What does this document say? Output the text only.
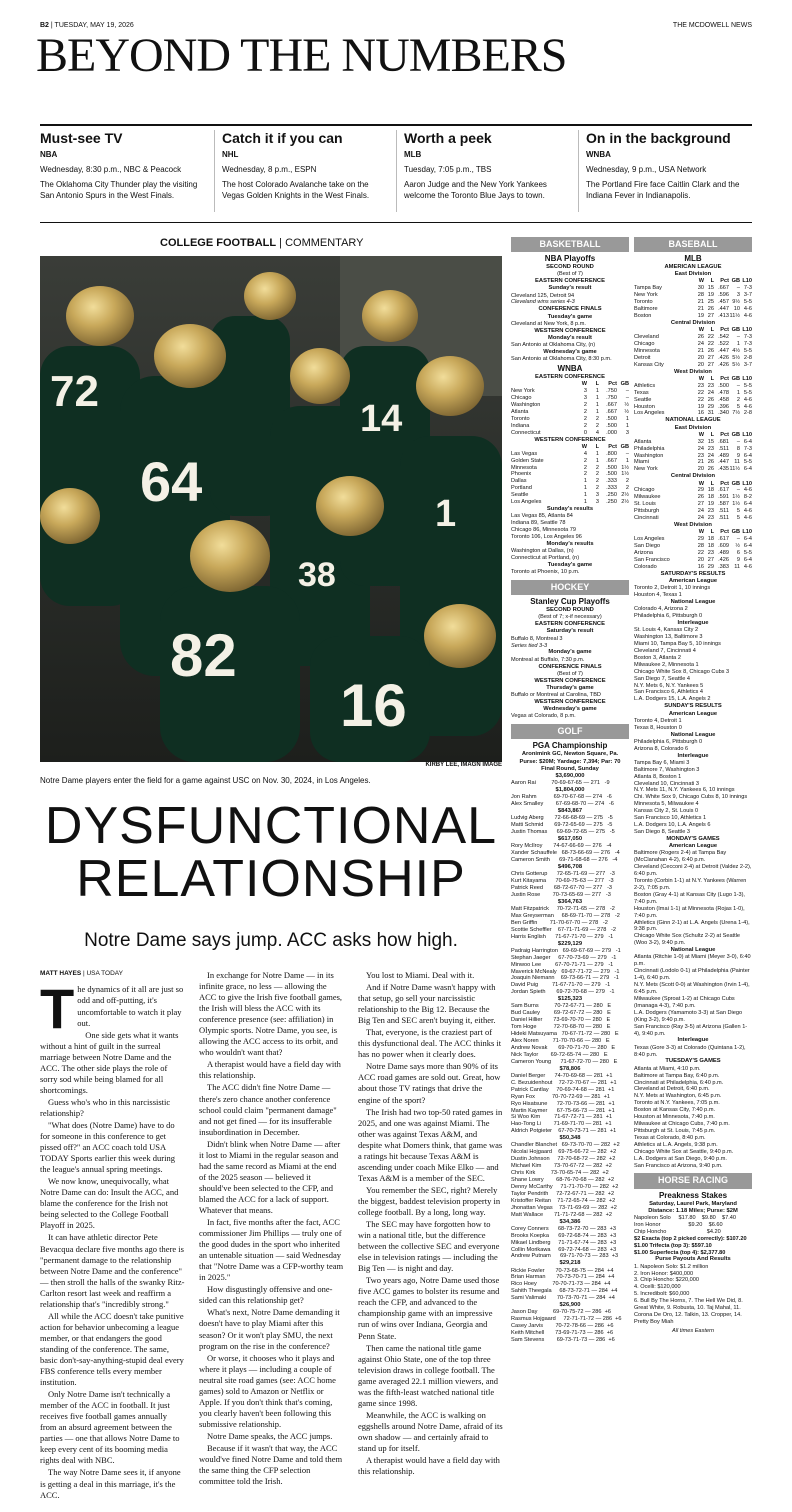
B2 | TUESDAY, MAY 19, 2026	THE MCDOWELL NEWS
BEYOND THE NUMBERS
Must-see TV
NBA

Wednesday, 8:30 p.m., NBC & Peacock

The Oklahoma City Thunder play the visiting San Antonio Spurs in the West Finals.

Catch it if you can
NHL

Wednesday, 8 p.m., ESPN

The host Colorado Avalanche take on the Vegas Golden Knights in the West Finals.

Worth a peek
MLB

Tuesday, 7:05 p.m., TBS

Aaron Judge and the New York Yankees welcome the Toronto Blue Jays to town.

On in the background
WNBA

Wednesday, 9 p.m., USA Network

The Portland Fire face Caitlin Clark and the Indiana Fever in Indianapolis.

COLLEGE FOOTBALL | COMMENTARY
72
64
82
14
1
38
16
KIRBY LEE, IMAGN IMAGE
Notre Dame players enter the field for a game against USC on Nov. 30, 2024, in Los Angeles.
DYSFUNCTIONAL
RELATIONSHIP
Notre Dame says jump. ACC asks how high.
MATT HAYES | USA TODAY
T he dynamics of it all are just so odd and off-putting, it's uncomfortable to watch it play out.

One side gets what it wants without a hint of guilt in the surreal marriage between Notre Dame and the ACC. The other side plays the role of sorry sod while being blamed for all shortcomings.

Guess who's who in this narcissistic relationship?

"What does (Notre Dame) have to do for someone in this conference to get pissed off?" an ACC coach told USA TODAY Sports earlier this week during the league's annual spring meetings.

We now know, unequivocally, what Notre Dame can do: Insult the ACC, and blame the conference for the Irish not being selected to the College Football Playoff in 2025.

It can have athletic director Pete Bevacqua declare five months ago there is "permanent damage to the relationship between Notre Dame and the conference" — then stroll the halls of the swanky Ritz-Carlton resort last week and reaffirm a relationship that's "incredibly strong."

All while the ACC doesn't take punitive action for behavior unbecoming a league member, or that endangers the good standing of the conference. The same, basic don't-say-anything-stupid deal every FBS conference tells every member institution.

Only Notre Dame isn't technically a member of the ACC in football. It just receives five football games annually from an absurd agreement between the parties — one that allows Notre Dame to keep every cent of its booming media rights deal with NBC.

The way Notre Dame sees it, if anyone is getting a deal in this marriage, it's the ACC.

In exchange for Notre Dame — in its infinite grace, no less — allowing the ACC to give the Irish five football games, the Irish will bless the ACC with its conference presence (see: affiliation) in Olympic sports. Notre Dame, you see, is allowing the ACC access to its orbit, and who wouldn't want that?

A therapist would have a field day with this relationship.

The ACC didn't fine Notre Dame — there's zero chance another conference school could claim "permanent damage" and not get fined — for its insufferable insubordination in December.

Didn't blink when Notre Dame — after it lost to Miami in the regular season and had the same record as Miami at the end of the 2025 season — believed it should've been selected to the CFP, and blamed the ACC for a lack of support. Whatever that means.

In fact, five months after the fact, ACC commissioner Jim Phillips — truly one of the good dudes in the sport who inherited an untenable situation — said Wednesday that "Notre Dame was a CFP-worthy team in 2025."

How disgustingly offensive and one-sided can this relationship get?

What's next, Notre Dame demanding it doesn't have to play Miami after this season? Or it won't play SMU, the next program on the rise in the conference?

Or worse, it chooses who it plays and where it plays — including a couple of neutral site road games (see: ACC home games) sold to Amazon or Netflix or Apple. If you don't think that's coming, you clearly haven't been following this submissive relationship.

Notre Dame speaks, the ACC jumps.

Because if it wasn't that way, the ACC would've fined Notre Dame and told them the same thing the CFP selection committee told the Irish.

You lost to Miami. Deal with it.

And if Notre Dame wasn't happy with that setup, go sell your narcissistic relationship to the Big 12. Because the Big Ten and SEC aren't buying it, either.

That, everyone, is the craziest part of this dysfunctional deal. The ACC thinks it has no power when it clearly does.

Notre Dame says more than 90% of its ACC road games are sold out. Great, how about those TV ratings that drive the engine of the sport?

The Irish had two top-50 rated games in 2025, and one was against Miami. The other was against Texas A&M, and despite what Domers think, that game was a ratings hit because Texas A&M is ascending under coach Mike Elko — and Texas A&M is a member of the SEC.

You remember the SEC, right? Merely the biggest, baddest television property in college football. By a long, long way.

The SEC may have forgotten how to win a national title, but the difference between the collective SEC and everyone else in television ratings — including the Big Ten — is night and day.

Two years ago, Notre Dame used those five ACC games to bolster its resume and reach the CFP, and advanced to the championship game with an impressive run of wins over Indiana, Georgia and Penn State.

Then came the national title game against Ohio State, one of the top three television draws in college football. The game averaged 22.1 million viewers, and was the fifth-least watched national title game since 1998.

Meanwhile, the ACC is walking on eggshells around Notre Dame, afraid of its own shadow — and certainly afraid to stand up for itself.

A therapist would have a field day with this relationship.

BASKETBALL
NBA Playoffs
SECOND ROUND
(Best of 7)
EASTERN CONFERENCE
Sunday's result
Cleveland 125, Detroit 94
Cleveland wins series 4-3
CONFERENCE FINALS
Tuesday's game
Cleveland at New York, 8 p.m.
WESTERN CONFERENCE
Monday's result
San Antonio at Oklahoma City, (n)
Wednesday's game
San Antonio at Oklahoma City, 8:30 p.m.
WNBA
EASTERN CONFERENCE
W	L	Pct GB
New York	3	1	.750	–
Chicago	3	1	.750	–
Washington	2	1	.667	½
Atlanta	2	1	.667	½
Toronto	2	2	.500	1
Indiana	2	2	.500	1
Connecticut	0	4	.000	3
WESTERN CONFERENCE
W	L	Pct GB
Las Vegas	4	1	.800	–
Golden State	2	1	.667	1
Minnesota	2	2	.500 1½
Phoenix	2	2	.500 1½
Dallas	1	2	.333	2
Portland	1	2	.333	2
Seattle	1	3	.250 2½
Los Angeles	1	3	.250 2½
Sunday's results
Las Vegas 85, Atlanta 84
Indiana 89, Seattle 78
Chicago 86, Minnesota 79
Toronto 106, Los Angeles 96
Monday's results
Washington at Dallas, (n)
Connecticut at Portland, (n)
Tuesday's game
Toronto at Phoenix, 10 p.m.
HOCKEY
Stanley Cup Playoffs
SECOND ROUND
(Best of 7; x-if necessary)
EASTERN CONFERENCE
Saturday's result
Buffalo 8, Montreal 3
Series tied 3-3
Monday's game
Montreal at Buffalo, 7:30 p.m.
CONFERENCE FINALS
(Best of 7)
WESTERN CONFERENCE
Thursday's game
Buffalo or Montreal at Carolina, TBD
WESTERN CONFERENCE
Wednesday's game
Vegas at Colorado, 8 p.m.
GOLF
PGA Championship
Aronimink GC, Newton Square, Pa.
Purse: $20M; Yardage: 7,394; Par: 70
Final Round, Sunday
$3,690,000
Aaron Rai          70-69-67-65 — 271   -9
$1,804,000
Jon Rahm           69-70-67-68 — 274   -6
Alex Smalley        67-69-68-70 — 274   -6
$843,867
Ludvig Aberg       72-66-68-69 — 275   -5
Matti Schmid       69-72-65-69 — 275   -5
Justin Thomas      69-69-72-65 — 275   -5
$617,050
Rory McIlroy       74-67-66-69 — 276   -4
Xander Schauffele   68-73-66-69 — 276   -4
Cameron Smith      69-71-68-68 — 276   -4
$496,708
Chris Gotterup      72-65-71-69 — 277   -3
Kurt Kitayama      70-69-75-63 — 277   -3
Patrick Reed       68-72-67-70 — 277   -3
Justin Rose        70-73-65-69 — 277   -3
$364,763
Matt Fitzpatrick     70-72-71-65 — 278   -2
Max Greyserman     68-69-71-70 — 278   -2
Ben Griffin        71-70-67-70 — 278   -2
Scottie Scheffler    67-71-71-69 — 278   -2
Harris English      71-67-71-70 — 279   -1
$229,129
Padraig Harrington   69-69-67-69 — 279   -1
Stephan Jaeger     67-70-73-69 — 279   -1
Minwoo Lee         67-70-71-71 — 279   -1
Maverick McNealy   69-67-71-72 — 279   -1
Joaquin Niemann    69-73-66-71 — 279   -1
David Puig         71-67-71-70 — 279   -1
Jordan Spieth       69-72-70-68 — 279   -1
$125,323
Sam Burns          70-72-67-71 — 280   E
Bud Cauley         69-72-67-72 — 280   E
Daniel Hillier       73-69-70-70 — 280   E
Tom Hoge           72-70-68-70 — 280   E
Hideki Matsuyama   70-67-71-72 — 280   E
Alex Noren         71-70-70-66 — 280   E
Andrew Novak       69-70-71-70 — 280   E
Nick Taylor        69-72-65-74 — 280   E
Cameron Young      71-67-72-70 — 280   E
$78,806
Daniel Berger      74-70-69-68 — 281  +1
C. Bezuidenhout    72-72-70-67 — 281  +1
Patrick Cantlay     70-69-74-68 — 281  +1
Ryan Fox           70-70-72-69 — 281  +1
Ryo Hisatsune      72-70-73-66 — 281  +1
Martin Kaymer      67-75-66-73 — 281  +1
Si Woo Kim         71-67-72-71 — 281  +1
Hao-Tong Li        71-69-71-70 — 281  +1
Aldrich Potgieter    67-70-73-71 — 281  +1
$50,348
Chandler Blanchet   69-73-70-70 — 282  +2
Nicolai Hojgaard    69-75-66-72 — 282  +2
Dustin Johnson     72-70-68-72 — 282  +2
Michael Kim        73-70-67-72 — 282  +2
Chris Kirk          73-70-65-74 — 282  +2
Shane Lowry        68-76-70-68 — 282  +2
Denny McCarthy     71-71-70-70 — 282  +2
Taylor Pendrith     72-72-67-71 — 282  +2
Kristoffer Reitan    71-72-65-74 — 282  +2
Jhonattan Vegas    73-71-69-69 — 282  +2
Matt Wallace       71-71-72-68 — 282  +2
$34,386
Corey Conners      68-73-72-70 — 283  +3
Brooks Koepka      69-72-68-74 — 283  +3
Mikael Lindberg     71-71-67-74 — 283  +3
Collin Morikawa     69-72-74-68 — 283  +3
Andrew Putnam      69-71-70-73 — 283  +3
$29,218
Rickie Fowler       70-73-68-75 — 284  +4
Brian Harman       70-73-70-71 — 284  +4
Rico Hoey          70-70-71-73 — 284  +4
Sahith Theegala     68-73-72-71 — 284  +4
Sami Valimaki       70-73-70-71 — 284  +4
$26,900
Jason Day          69-70-75-72 — 286  +6
Rasmus Hojgaard     72-71-71-72 — 286  +6
Casey Jarvis        70-72-78-66 — 286  +6
Keith Mitchell       73-69-71-73 — 286  +6
Sam Stevens        69-73-71-73 — 286  +6
BASEBALL
MLB
AMERICAN LEAGUE
East Division
W	L	Pct GB L10
Tampa Bay	30 15 .667	– 7-3
New York	28 19 .596	3 3-7
Toronto	21 25 .457 9½ 5-5
Baltimore	21 26 .447 10 4-6
Boston	19 27 .413 11½ 4-6
Central Division
W	L	Pct GB L10
Cleveland	26 22 .542	– 7-3
Chicago	24 22 .522	1 7-3
Minnesota	21 26 .447 4½ 5-5
Detroit	20 27 .426 5½ 2-8
Kansas City	20 27 .426 5½ 3-7
West Division
W	L	Pct GB L10
Athletics	23 23 .500	– 5-5
Texas	22 24 .478	1 5-5
Seattle	22 26 .458	2 4-6
Houston	19 29 .396	5 4-6
Los Angeles	16 31 .340 7½ 2-8
NATIONAL LEAGUE
East Division
W	L	Pct GB L10
Atlanta	32 15 .681	– 6-4
Philadelphia	24 23 .511	8 7-3
Washington	23 24 .489	9 6-4
Miami	21 26 .447 11 5-5
New York	20 26 .435 11½ 6-4
Central Division
W	L	Pct GB L10
Chicago	29 18 .617	– 4-6
Milwaukee	26 18 .591 1½ 8-2
St. Louis	27 19 .587 1½ 6-4
Pittsburgh	24 23 .511	5 4-6
Cincinnati	24 23 .511	5 4-6
West Division
W	L	Pct GB L10
Los Angeles	29 18 .617	– 6-4
San Diego	28 18 .609	½ 6-4
Arizona	22 23 .489	6 5-5
San Francisco	20 27 .426	9 6-4
Colorado	16 29 .383 11 4-6
SATURDAY'S RESULTS
American League
Toronto 2, Detroit 1, 10 innings
Houston 4, Texas 1
National League
Colorado 4, Arizona 2
Philadelphia 6, Pittsburgh 0
Interleague
St. Louis 4, Kansas City 2
Washington 13, Baltimore 3
Miami 10, Tampa Bay 5, 10 innings
Cleveland 7, Cincinnati 4
Boston 3, Atlanta 2
Milwaukee 2, Minnesota 1
Chicago White Sox 8, Chicago Cubs 3
San Diego 7, Seattle 4
N.Y. Mets 6, N.Y. Yankees 5
San Francisco 6, Athletics 4
L.A. Dodgers 15, L.A. Angels 2
SUNDAY'S RESULTS
American League
Toronto 4, Detroit 1
Texas 8, Houston 0
National League
Philadelphia 6, Pittsburgh 0
Arizona 8, Colorado 6
Interleague
Tampa Bay 6, Miami 3
Baltimore 7, Washington 3
Atlanta 8, Boston 1
Cleveland 10, Cincinnati 3
N.Y. Mets 11, N.Y. Yankees 6, 10 innings
Chi. White Sox 9, Chicago Cubs 8, 10 innings
Minnesota 5, Milwaukee 4
Kansas City 2, St. Louis 0
San Francisco 10, Athletics 1
L.A. Dodgers 10, L.A. Angels 6
San Diego 8, Seattle 3
MONDAY'S GAMES
American League
Baltimore (Rogers 2-4) at Tampa Bay (McClanahan 4-2), 6:40 p.m.
Cleveland (Cecconi 2-4) at Detroit (Valdez 2-2), 6:40 p.m.
Toronto (Corbin 1-1) at N.Y. Yankees (Warren 2-2), 7:05 p.m.
Boston (Gray 4-1) at Kansas City (Lugo 1-3), 7:40 p.m.
Houston (Imai 1-1) at Minnesota (Rojas 1-0), 7:40 p.m.
Athletics (Ginn 2-1) at L.A. Angels (Urena 1-4), 9:38 p.m.
Chicago White Sox (Schultz 2-2) at Seattle (Woo 3-2), 9:40 p.m.
National League
Atlanta (Ritchie 1-0) at Miami (Meyer 3-0), 6:40 p.m.
Cincinnati (Lodolo 0-1) at Philadelphia (Painter 1-4), 6:40 p.m.
N.Y. Mets (Scott 0-0) at Washington (Irvin 1-4), 6:45 p.m.
Milwaukee (Sproat 1-2) at Chicago Cubs (Imanaga 4-3), 7:40 p.m.
L.A. Dodgers (Yamamoto 3-3) at San Diego (King 3-2), 9:40 p.m.
San Francisco (Ray 3-5) at Arizona (Gallen 1-4), 9:40 p.m.
Interleague
Texas (Gore 3-3) at Colorado (Quintana 1-2), 8:40 p.m.
TUESDAY'S GAMES
Atlanta at Miami, 4:10 p.m.
Baltimore at Tampa Bay, 6:40 p.m.
Cincinnati at Philadelphia, 6:40 p.m.
Cleveland at Detroit, 6:40 p.m.
N.Y. Mets at Washington, 6:45 p.m.
Toronto at N.Y. Yankees, 7:05 p.m.
Boston at Kansas City, 7:40 p.m.
Houston at Minnesota, 7:40 p.m.
Milwaukee at Chicago Cubs, 7:40 p.m.
Pittsburgh at St. Louis, 7:45 p.m.
Texas at Colorado, 8:40 p.m.
Athletics at L.A. Angels, 9:38 p.m.
Chicago White Sox at Seattle, 9:40 p.m.
L.A. Dodgers at San Diego, 9:40 p.m.
San Francisco at Arizona, 9:40 p.m.
HORSE RACING
Preakness Stakes
Saturday, Laurel Park, Maryland
Distance: 1.18 Miles; Purse: $2M
Napoleon Solo     $17.80    $9.80    $7.40
Iron Honor                  $9.20    $6.60
Chip Honcho                          $4.20
$2 Exacta (top 2 picked correctly): $107.20
$1.00 Trifecta (top 3): $597.10
$1.00 Superfecta (top 4): $2,377.80
Purse Payouts And Results
1. Napoleon Solo: $1.2 million
2. Iron Honor: $400,000
3. Chip Honcho: $220,000
4. Ocelli: $120,000
5. Incredibolt: $60,000
6. Bull By The Horns, 7. The Hell We Did, 8. Great White, 9. Robusta, 10. Taj Mahal, 11. Corona De Oro, 12. Talkin, 13. Cropper, 14. Pretty Boy Miah
All times Eastern
